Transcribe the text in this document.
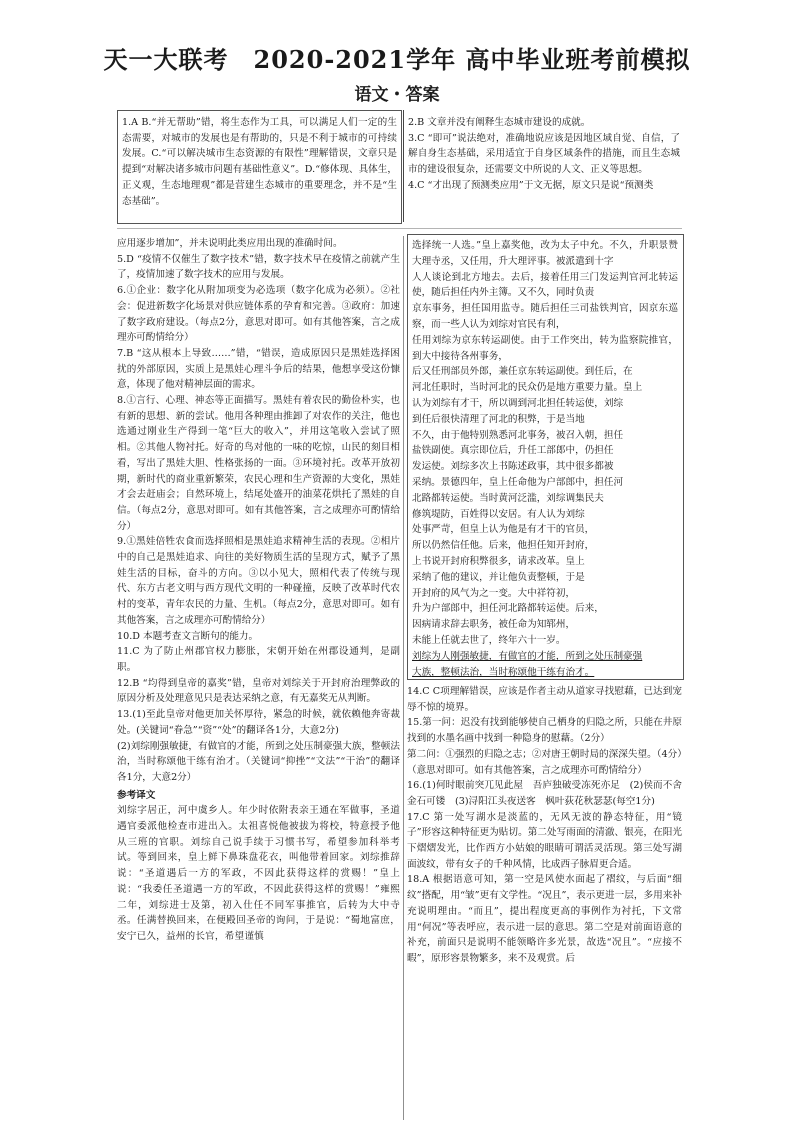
天一大联考　2020-2021学年 高中毕业班考前模拟
语文・答案

1.A B.“并无帮助”错，将生态作为工具，可以满足人们一定的生态需要，对城市的发展也是有帮助的，只是不利于城市的可持续发展。C.“可以解决城市生态资源的有限性”理解错误，文章只是提到“对解决诸多城市问题有基础性意义”。D.“修体现、具体生，正义观，生态地理观”都是营建生态城市的重要理念，并不是“生态基础”。

2.B 文章并没有阐释生态城市建设的成就。

3.C “即可”说法绝对，准确地说应该是因地区域自觉、自信，了解自身生态基础，采用适宜于自身区域条件的措施，而且生态城市的建设很复杂，还需要文中所说的人文、正义等思想。

4.C “才出现了预测类应用”于文无据，原文只是说“预测类

应用逐步增加”，并未说明此类应用出现的准确时间。

5.D “疫情不仅催生了数字技术”错，数字技术早在疫情之前就产生了，疫情加速了数字技术的应用与发展。

6.①企业：数字化从附加项变为必选项（数字化成为必须）。②社会：促进新数字化场景对供应链体系的孕育和完善。③政府：加速了数字政府建设。（每点2分，意思对即可。如有其他答案，言之成理亦可酌情给分）

7.B “这从根本上导致……”错，“错误，造成原因只是黑娃选择困扰的外部原因，实质上是黑娃心理斗争后的结果，他想享受这份慷意，体现了他对精神层面的需求。

8.①言行、心理、神态等正面描写。黑娃有着农民的勤俭朴实，也有新的思想、新的尝试。他用各种理由推卸了对农作的关注，他也选通过刚业生产得到一笔“巨大的收入”，并用这笔收入尝试了照相。②其他人物衬托。好奇的鸟对他的一味的吃惊，山民的刻目相看，写出了黑娃大胆、性格张扬的一面。③环境衬托。改革开放初期，新时代的商业重新繁荣，农民心理和生产资源的大变化，黑娃才会去赶庙会；自然环境上，结尾处盛开的油菜花烘托了黑娃的自信。（每点2分，意思对即可。如有其他答案，言之成理亦可酌情给分）

9.①黑娃倍牲农食而选择照相是黑娃追求精神生活的表现。②相片中的自己是黑娃追求、向往的美好物质生活的呈现方式，赋予了黑娃生活的目标，奋斗的方向。③以小见大，照相代表了传统与现代、东方古老文明与西方现代文明的一种碰撞，反映了改革时代农村的变革，青年农民的力量、生机。（每点2分，意思对即可。如有其他答案，言之成理亦可酌情给分）

10.D 本题考查文言断句的能力。

11.C 为了防止州郡官权力膨胀，宋朝开始在州郡设通判，是副职。

12.B “均得到皇帝的嘉奖”错，皇帝对刘综关于开封府治理弊政的原因分析及处理意见只是表达采纳之意，有无嘉奖无从判断。

13.(1)至此皇帝对他更加关怀厚待，紧急的时候，就依赖他奔寄裁处。(关键词“眷急”“资”“处”的翻译各1分，大意2分)

(2)刘综刚强敏捷，有做官的才能，所到之处压制豪强大族，整顿法治，当时称颂他干练有治才。（关键词“抑挫”“文法”“干治”的翻译各1分，大意2分）

参考译文

刘综字居正，河中虞乡人。年少时依附表亲王通在军做事，圣道遇官委派他检查市进出入。太祖喜悦他被拔为将校，特意授予他从三班的官职。刘综自己说手续于习惯书写，希望参加科举考试。等到回来，皇上鲜下鼻珠盘花衣，叫他带着回家。刘综推辞说：“圣道遇后一方的军政，不因此获得这样的赏赐！”皇上说：“我委任圣道遇一方的军政，不因此获得这样的赏赐！”雍熙二年，刘综进士及第，初入仕任不同军事推官，后转为大中寺丞。任满替换回来，在便殿回圣帝的询问，于是说：“蜀地富庶，安宁已久，益州的长官，希望谨慎

选择统一人选。”皇上嘉奖他，改为太子中允。不久，升职景赞大理寺丞，又任用，升大理评事。被派遣到十字

人人谈论到北方地去。去后，接着任用三门发运判官河北转运使，随后担任内外主簿。又不久，同时负责

京东事务，担任国用监寺。随后担任三司盐铁判官，因京东巡察，而一些人认为刘综对官民有利，

任用刘综为京东转运副使。由于工作突出，转为监察院推官，到大中接待各州事务，

后又任刑部员外郎，兼任京东转运副使。到任后，在

河北任职时，当时河北的民众仍是地方重要力量。皇上

认为刘综有才干，所以调到河北担任转运使，刘综

到任后很快清理了河北的积弊，于是当地

不久，由于他特别熟悉河北事务，被召入朝，担任

盐铁副使。真宗即位后，升任工部郎中，仍担任

发运使。刘综多次上书陈述政事，其中很多都被

采纳。景德四年，皇上任命他为户部郎中，担任河

北路都转运使。当时黄河泛滥，刘综调集民夫

修筑堤防，百姓得以安居。有人认为刘综

处事严苛，但皇上认为他是有才干的官员，

所以仍然信任他。后来，他担任知开封府，

上书说开封府积弊很多，请求改革。皇上

采纳了他的建议，并让他负责整顿，于是

开封府的风气为之一变。大中祥符初，

升为户部郎中，担任河北路都转运使。后来，

因病请求辞去职务，被任命为知郓州，

未能上任就去世了，终年六十一岁。

刘综为人刚强敏捷，有做官的才能，所到之处压制豪强

大族，整顿法治，当时称颂他干练有治才。

14.C C项理解错误，应该是作者主动从道家寻找慰藉，已达到宠辱不惊的境界。

15.第一问：迟没有找到能够使自己栖身的归隐之所，只能在井原找到的水墨名画中找到一种隐身的慰藉。（2分）

第二问：①强烈的归隐之志；②对唐王朝时局的深深失望。（4分）（意思对即可。如有其他答案，言之成理亦可酌情给分）

16.(1)何时眼前突兀见此屋　吾庐独破受冻死亦足　(2)侯而不舍　金石可镂　(3)浔阳江头夜送客　枫叶荻花秋瑟瑟(每空1分)

17.C 第一处写湖水是淡蓝的，无风无波的静态特征，用“镜子”形容这种特征更为贴切。第二处写雨面的清澈、银亮，在阳光下熠熠发光，比作西方小姑娘的眼睛可谓活灵活现。第三处写湖面波纹，带有女子的千种风情，比成西子脉眉更合适。

18.A 根据语意可知，第一空是风使水面起了褶纹，与后面“细纹”搭配，用“皱”更有文学性。“况且”，表示更进一层，多用来补充说明理由。“而且”，提出程度更高的事例作为衬托，下文常用“何况”等表呼应，表示进一层的意思。第二空是对前面语意的补充，前面只是说明不能领略许多光景，故选“况且”。“应接不暇”，原形容景物繁多，来不及观赏。后
